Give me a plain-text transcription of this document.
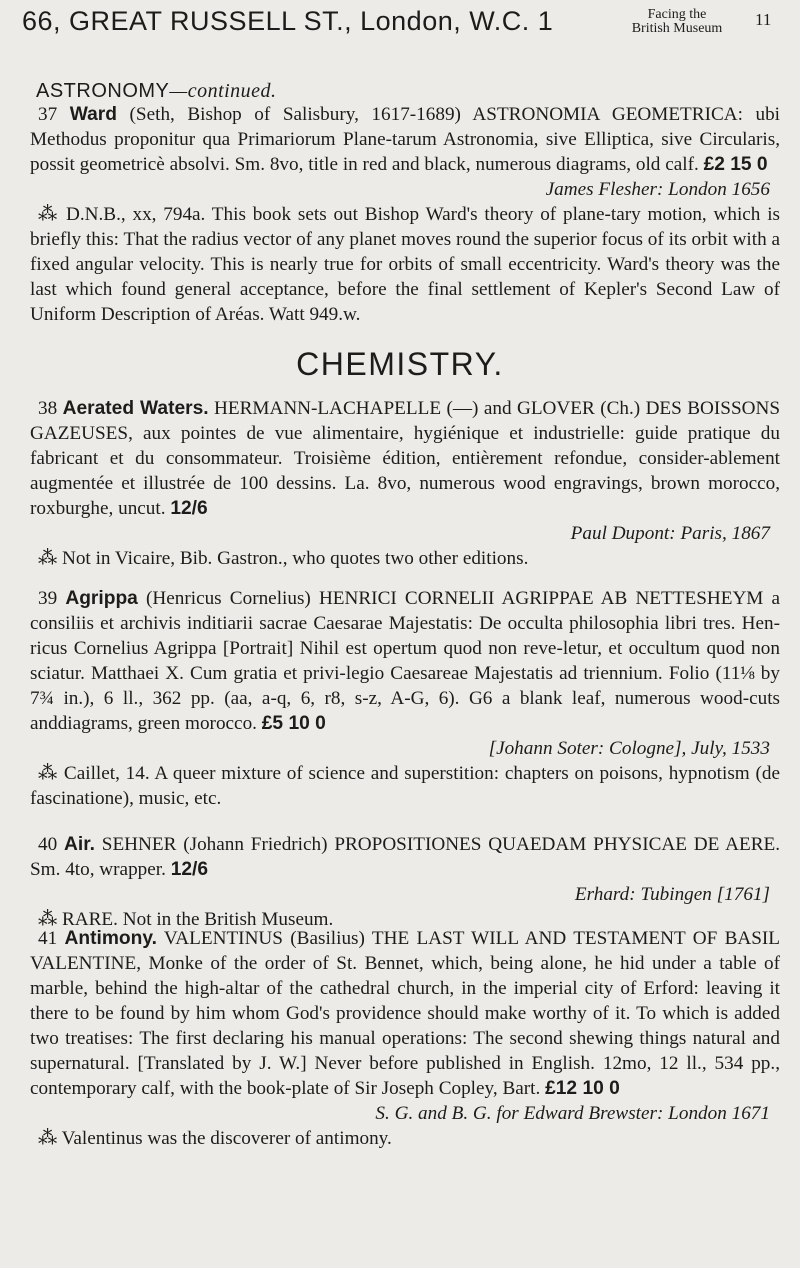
66, GREAT RUSSELL ST., London, W.C. 1	Facing the
British Museum	11
ASTRONOMY—continued.
37 Ward (Seth, Bishop of Salisbury, 1617-1689) ASTRONOMIA GEOMETRICA: ubi Methodus proponitur qua Primariorum Plane-tarum Astronomia, sive Elliptica, sive Circularis, possit geometricè absolvi. Sm. 8vo, title in red and black, numerous diagrams, old calf. £2 15 0
James Flesher: London 1656
⁂ D.N.B., xx, 794a. This book sets out Bishop Ward's theory of plane-tary motion, which is briefly this: That the radius vector of any planet moves round the superior focus of its orbit with a fixed angular velocity. This is nearly true for orbits of small eccentricity. Ward's theory was the last which found general acceptance, before the final settlement of Kepler's Second Law of Uniform Description of Aréas. Watt 949.w.
CHEMISTRY.
38 Aerated Waters. HERMANN-LACHAPELLE (—) and GLOVER (Ch.) DES BOISSONS GAZEUSES, aux pointes de vue alimentaire, hygiénique et industrielle: guide pratique du fabricant et du consommateur. Troisième édition, entièrement refondue, consider-ablement augmentée et illustrée de 100 dessins. La. 8vo, numerous wood engravings, brown morocco, roxburghe, uncut. 12/6
Paul Dupont: Paris, 1867
⁂ Not in Vicaire, Bib. Gastron., who quotes two other editions.
39 Agrippa (Henricus Cornelius) HENRICI CORNELII AGRIPPAE AB NETTESHEYM a consiliis et archivis inditiarii sacrae Caesarae Majestatis: De occulta philosophia libri tres. Hen-ricus Cornelius Agrippa [Portrait] Nihil est opertum quod non reve-letur, et occultum quod non sciatur. Matthaei X. Cum gratia et privi-legio Caesareae Majestatis ad triennium. Folio (11⅛ by 7¾ in.), 6 ll., 362 pp. (aa, a-q, 6, r8, s-z, A-G, 6). G6 a blank leaf, numerous wood-cuts anddiagrams, green morocco. £5 10 0
[Johann Soter: Cologne], July, 1533
⁂ Caillet, 14. A queer mixture of science and superstition: chapters on poisons, hypnotism (de fascinatione), music, etc.
40 Air. SEHNER (Johann Friedrich) PROPOSITIONES QUAEDAM PHYSICAE DE AERE. Sm. 4to, wrapper. 12/6
Erhard: Tubingen [1761]
⁂ RARE. Not in the British Museum.
41 Antimony. VALENTINUS (Basilius) THE LAST WILL AND TESTAMENT OF BASIL VALENTINE, Monke of the order of St. Bennet, which, being alone, he hid under a table of marble, behind the high-altar of the cathedral church, in the imperial city of Erford: leaving it there to be found by him whom God's providence should make worthy of it. To which is added two treatises: The first declaring his manual operations: The second shewing things natural and supernatural. [Translated by J. W.] Never before published in English. 12mo, 12 ll., 534 pp., contemporary calf, with the book-plate of Sir Joseph Copley, Bart. £12 10 0
S. G. and B. G. for Edward Brewster: London 1671
⁂ Valentinus was the discoverer of antimony.
